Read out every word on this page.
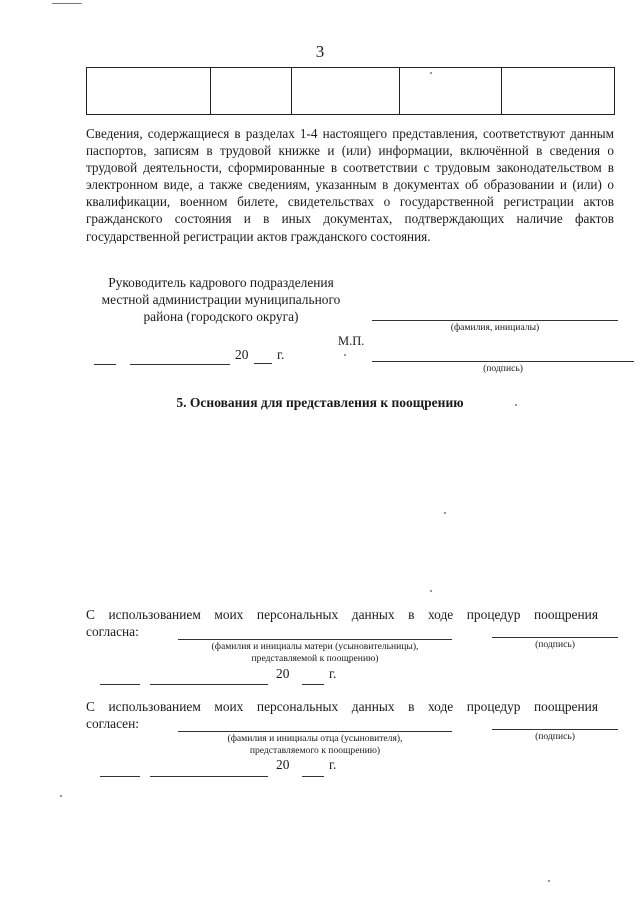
3

Сведения, содержащиеся в разделах 1-4 настоящего представления, соответствуют данным паспортов, записям в трудовой книжке и (или) информации, включённой в сведения о трудовой деятельности, сформированные в соответствии с трудовым законодательством в электронном виде, а также сведениям, указанным в документах об образовании и (или) о квалификации, военном билете, свидетельствах о государственной регистрации актов гражданского состояния и в иных документах, подтверждающих наличие фактов государственной регистрации актов гражданского состояния.
Руководитель кадрового подразделения
местной администрации муниципального
района (городского округа)
(фамилия, инициалы)
М.П.
20 г.
(подпись)
5. Основания для представления к поощрению
С использованием моих персональных данных в ходе процедур поощрения
согласна:
(фамилия и инициалы матери (усыновительницы),
представляемой к поощрению)
(подпись)
20	г.
С использованием моих персональных данных в ходе процедур поощрения
согласен:
(фамилия и инициалы отца (усыновителя),
представляемого к поощрению)
(подпись)
20	г.
